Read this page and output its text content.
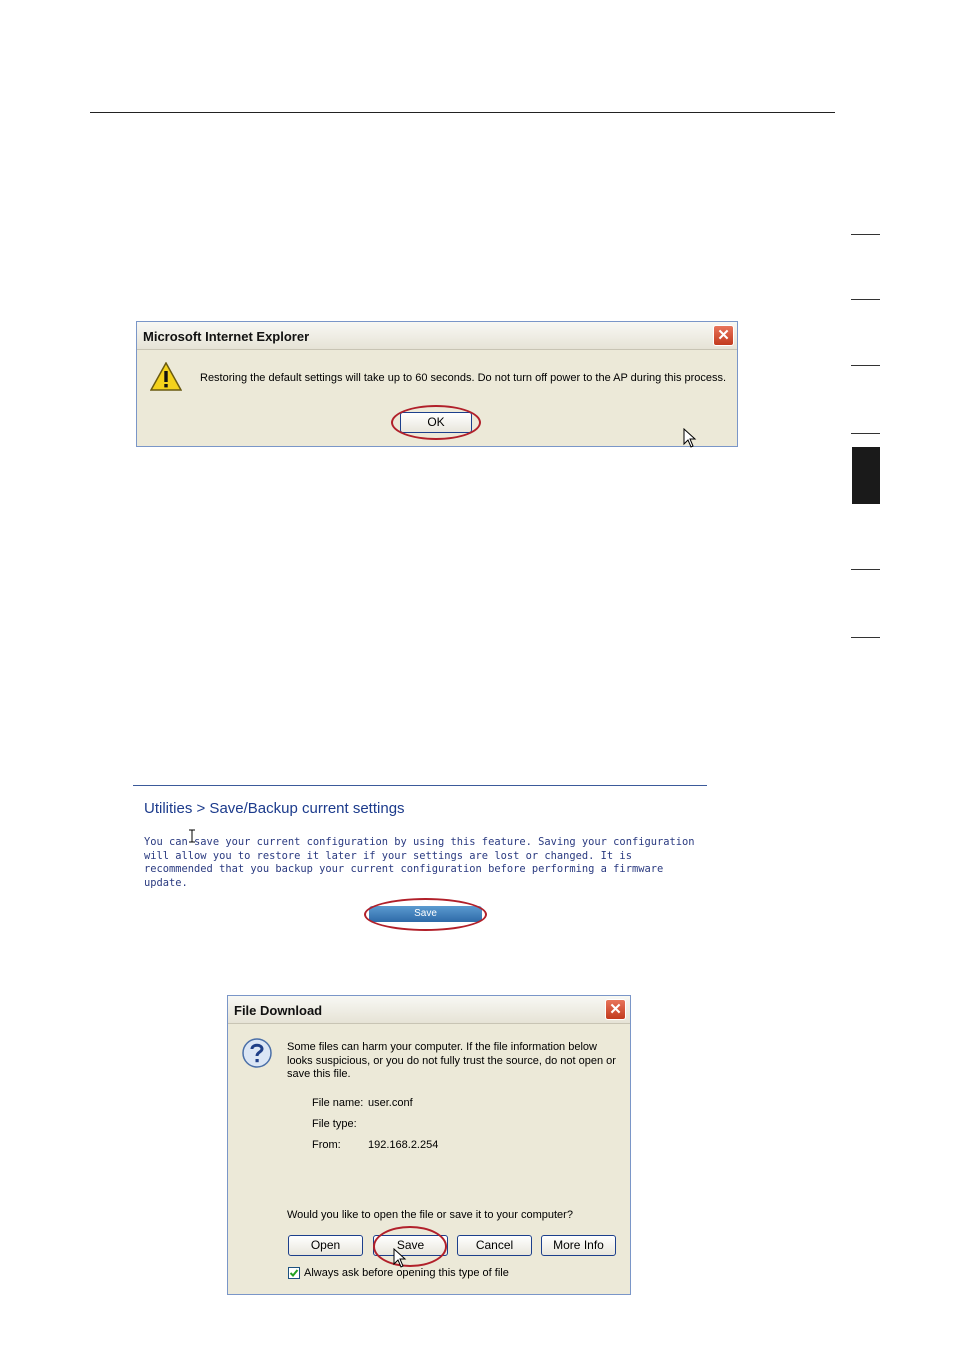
Microsoft Internet Explorer	✕
Restoring the default settings will take up to 60 seconds. Do not turn off power to the AP during this process.
OK
Utilities > Save/Backup current settings
You can save your current configuration by using this feature. Saving your configuration will allow you to restore it later if your settings are lost or changed. It is recommended that you backup your current configuration before performing a firmware update.
Save
File Download	✕
Some files can harm your computer. If the file information below looks suspicious, or you do not fully trust the source, do not open or save this file.
File name: user.conf
File type:
From: 192.168.2.254
Would you like to open the file or save it to your computer?
Open	Save	Cancel	More Info
Always ask before opening this type of file
